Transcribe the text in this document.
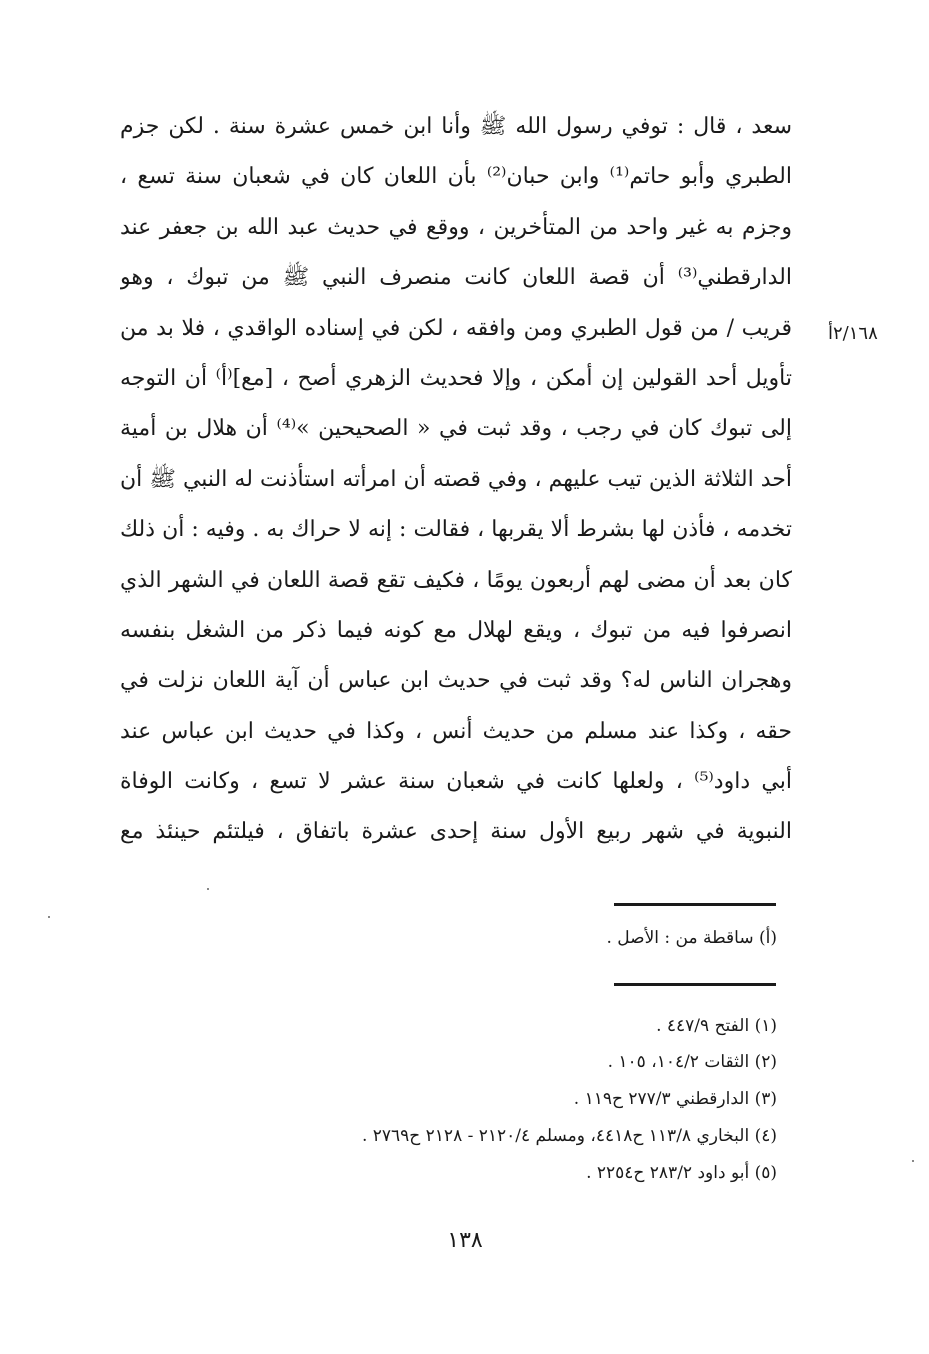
سعد ، قال : توفي رسول الله ﷺ وأنا ابن خمس عشرة سنة . لكن جزم
الطبري وأبو حاتم⁽¹⁾ وابن حبان⁽²⁾ بأن اللعان كان في شعبان سنة تسع ،
وجزم به غير واحد من المتأخرين ، ووقع في حديث عبد الله بن جعفر عند
الدارقطني⁽³⁾ أن قصة اللعان كانت منصرف النبي ﷺ من تبوك ، وهو
قريب / من قول الطبري ومن وافقه ، لكن في إسناده الواقدي ، فلا بد من
تأويل أحد القولين إن أمكن ، وإلا فحديث الزهري أصح ، [مع]⁽أ⁾ أن التوجه
إلى تبوك كان في رجب ، وقد ثبت في « الصحيحين »⁽⁴⁾ أن هلال بن أمية
أحد الثلاثة الذين تيب عليهم ، وفي قصته أن امرأته استأذنت له النبي ﷺ أن
تخدمه ، فأذن لها بشرط ألا يقربها ، فقالت : إنه لا حراك به . وفيه : أن ذلك
كان بعد أن مضى لهم أربعون يومًا ، فكيف تقع قصة اللعان في الشهر الذي
انصرفوا فيه من تبوك ، ويقع لهلال مع كونه فيما ذكر من الشغل بنفسه
وهجران الناس له؟ وقد ثبت في حديث ابن عباس أن آية اللعان نزلت في
حقه ، وكذا عند مسلم من حديث أنس ، وكذا في حديث ابن عباس عند
أبي داود⁽⁵⁾ ، ولعلها كانت في شعبان سنة عشر لا تسع ، وكانت الوفاة
النبوية في شهر ربيع الأول سنة إحدى عشرة باتفاق ، فيلتئم حينئذ مع
٢/١٦٨أ
(أ) ساقطة من : الأصل .
(١) الفتح ٤٤٧/٩ .
(٢) الثقات ١٠٤/٢، ١٠٥ .
(٣) الدارقطني ٢٧٧/٣ ح١١٩ .
(٤) البخاري ١١٣/٨ ح٤٤١٨، ومسلم ٢١٢٠/٤ - ٢١٢٨ ح٢٧٦٩ .
(٥) أبو داود ٢٨٣/٢ ح٢٢٥٤ .
١٣٨
